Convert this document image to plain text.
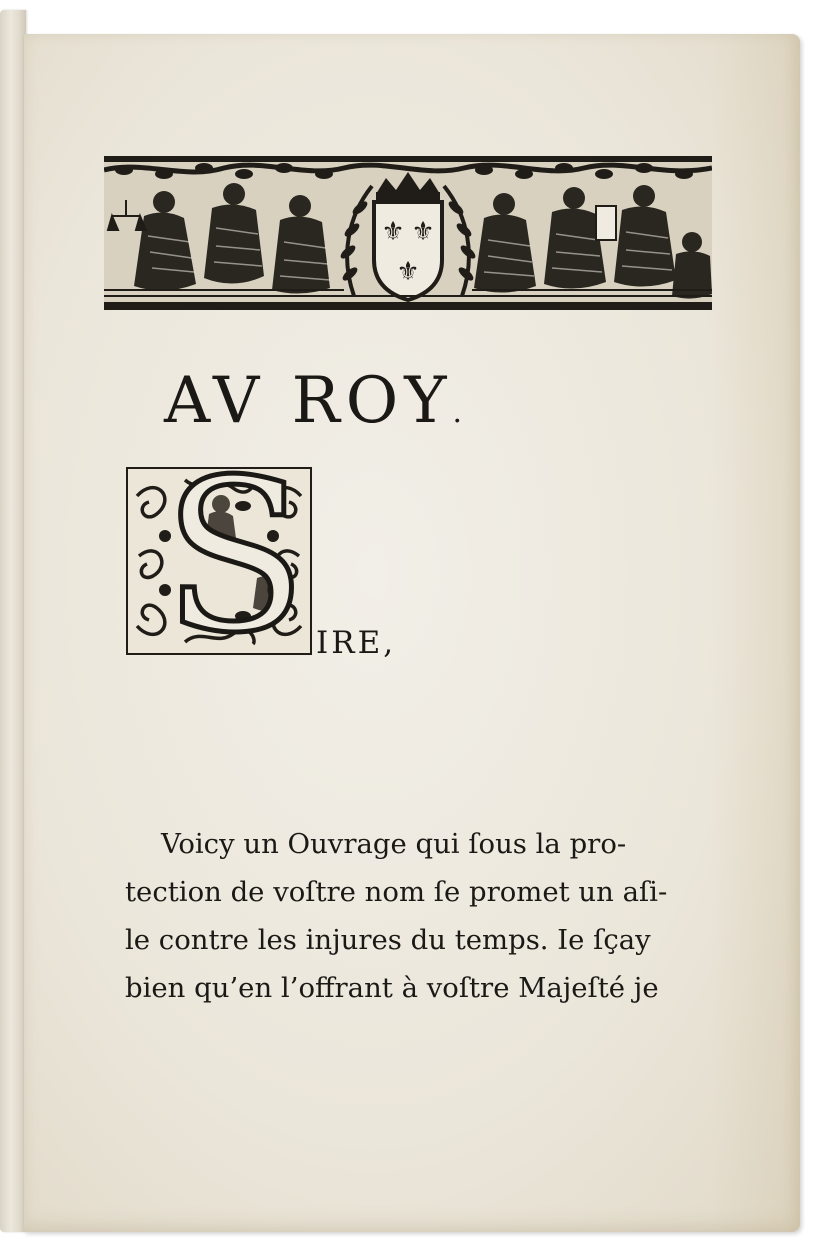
⚜ ⚜
⚜
AV ROY.
S IRE,
Voicy un Ouvrage qui ſous la pro-
tection de voſtre nom ſe promet un aſi-
le contre les injures du temps. Ie ſçay
bien qu’en l’offrant à voſtre Majeſté je
